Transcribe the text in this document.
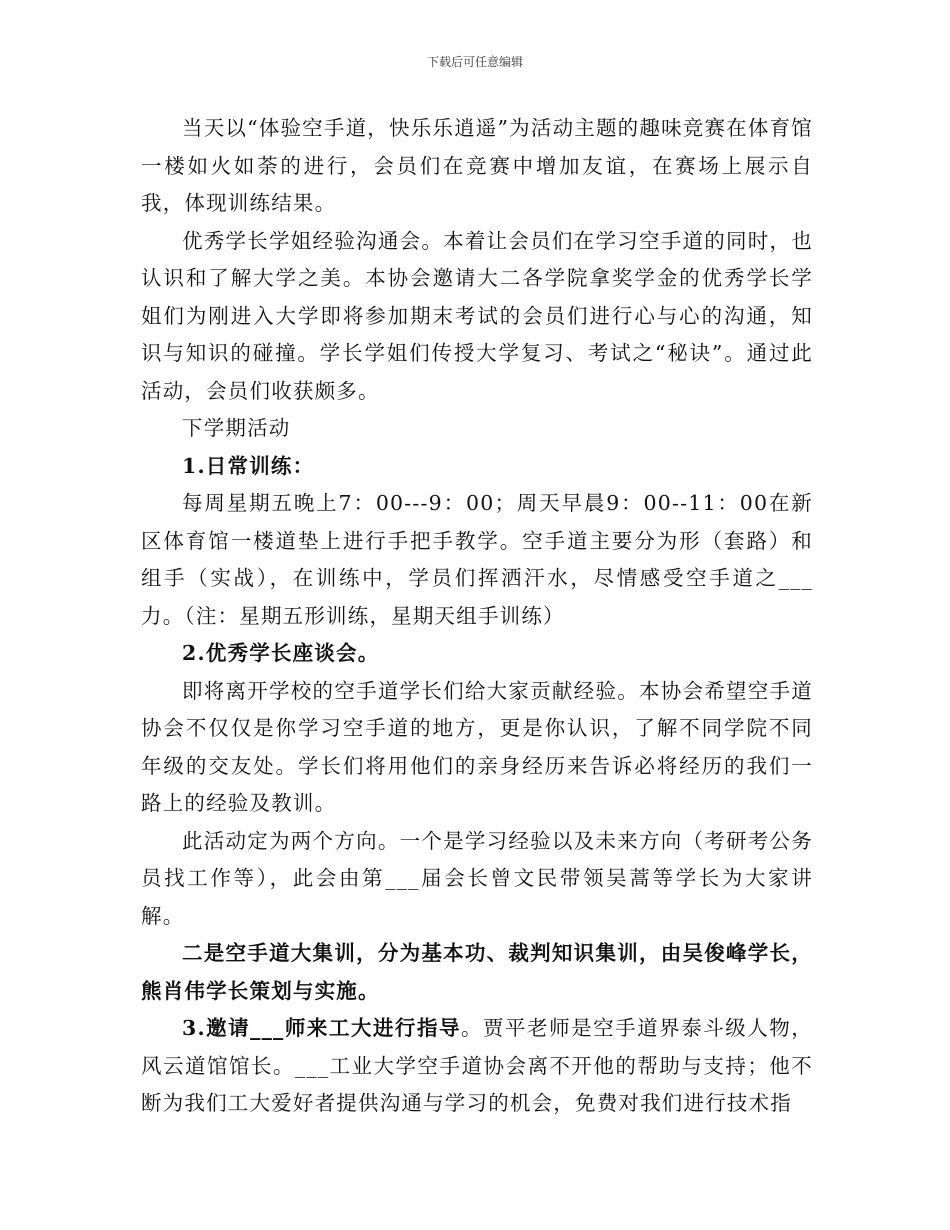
下载后可任意编辑

当天以“体验空手道，快乐乐逍遥”为活动主题的趣味竞赛在体育馆一楼如火如荼的进行，会员们在竞赛中增加友谊，在赛场上展示自我，体现训练结果。

优秀学长学姐经验沟通会。本着让会员们在学习空手道的同时，也认识和了解大学之美。本协会邀请大二各学院拿奖学金的优秀学长学姐们为刚进入大学即将参加期末考试的会员们进行心与心的沟通，知识与知识的碰撞。学长学姐们传授大学复习、考试之“秘诀”。通过此活动，会员们收获颇多。

下学期活动

1.日常训练：

每周星期五晚上7：00---9：00；周天早晨9：00--11：00在新区体育馆一楼道垫上进行手把手教学。空手道主要分为形（套路）和组手（实战），在训练中，学员们挥洒汗水，尽情感受空手道之___力。（注：星期五形训练，星期天组手训练）

2.优秀学长座谈会。

即将离开学校的空手道学长们给大家贡献经验。本协会希望空手道协会不仅仅是你学习空手道的地方，更是你认识，了解不同学院不同年级的交友处。学长们将用他们的亲身经历来告诉必将经历的我们一路上的经验及教训。

此活动定为两个方向。一个是学习经验以及未来方向（考研考公务员找工作等），此会由第___届会长曾文民带领吴蒿等学长为大家讲解。

二是空手道大集训，分为基本功、裁判知识集训，由吴俊峰学长，熊肖伟学长策划与实施。

3.邀请___师来工大进行指导。贾平老师是空手道界泰斗级人物，风云道馆馆长。___工业大学空手道协会离不开他的帮助与支持；他不断为我们工大爱好者提供沟通与学习的机会，免费对我们进行技术指
